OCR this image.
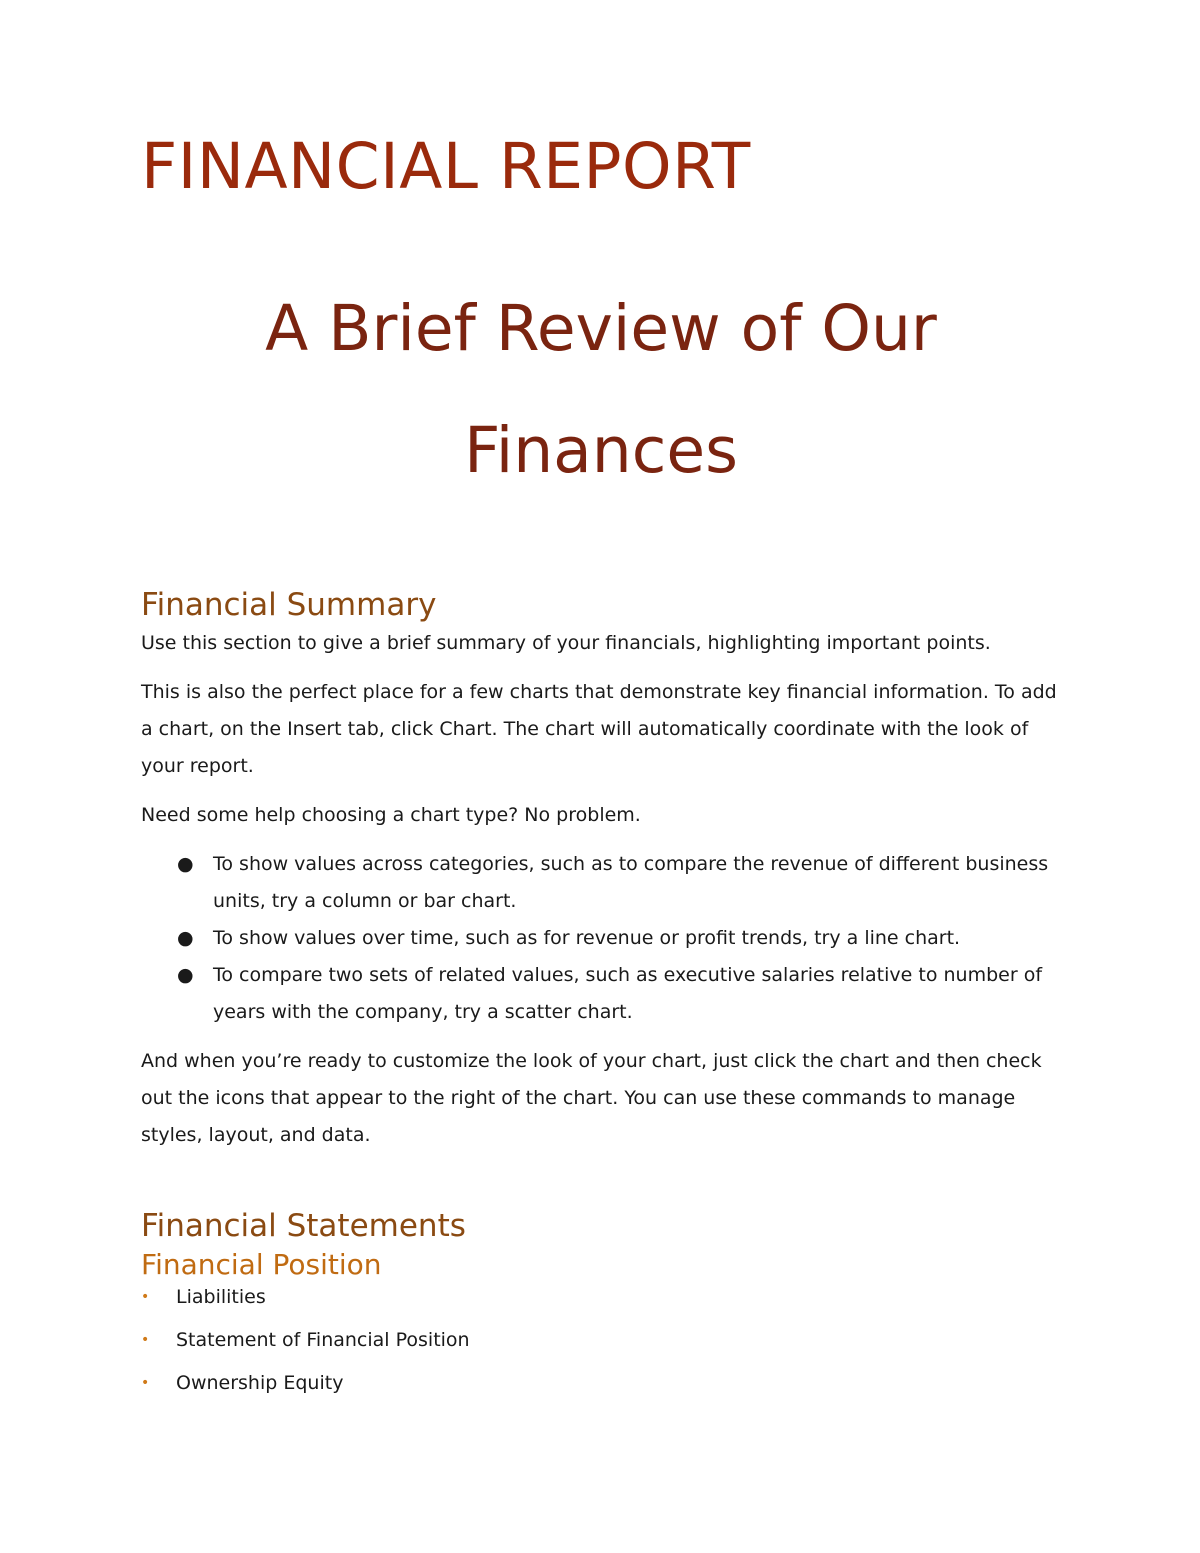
FINANCIAL REPORT
A Brief Review of Our
Finances
Financial Summary

Use this section to give a brief summary of your financials, highlighting important points.

This is also the perfect place for a few charts that demonstrate key financial information. To add a chart, on the Insert tab, click Chart. The chart will automatically coordinate with the look of your report.

Need some help choosing a chart type? No problem.

● To show values across categories, such as to compare the revenue of different business units, try a column or bar chart.
● To show values over time, such as for revenue or profit trends, try a line chart.
● To compare two sets of related values, such as executive salaries relative to number of years with the company, try a scatter chart.

And when you’re ready to customize the look of your chart, just click the chart and then check out the icons that appear to the right of the chart. You can use these commands to manage styles, layout, and data.

Financial Statements
Financial Position
• Liabilities
• Statement of Financial Position
• Ownership Equity
